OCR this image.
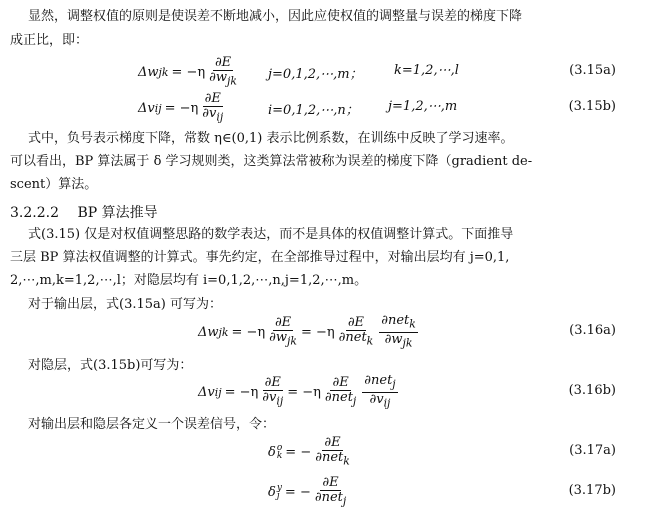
显然，调整权值的原则是使误差不断地减小，因此应使权值的调整量与误差的梯度下降
成正比，即：
Δw jk = $-\eta \frac{\partial E}{\partial w_{jk}}$ j=0,1,2,⋯,m； k=1,2,⋯,l	(3.15a)
Δv ij = $-\eta \frac{\partial E}{\partial v_{ij}}$	i=0,1,2,⋯,n； j=1,2,⋯,m	(3.15b)
式中，负号表示梯度下降，常数 η∈(0,1) 表示比例系数，在训练中反映了学习速率。
可以看出，BP 算法属于 δ 学习规则类，这类算法常被称为误差的梯度下降（gradient de-
scent）算法。
3.2.2.2 BP 算法推导
式(3.15) 仅是对权值调整思路的数学表达，而不是具体的权值调整计算式。下面推导
三层 BP 算法权值调整的计算式。事先约定，在全部推导过程中，对输出层均有 j=0,1,
2,⋯,m,k=1,2,⋯,l；对隐层均有 i=0,1,2,⋯,n,j=1,2,⋯,m。
对于输出层，式(3.15a) 可写为：
Δw jk = $-\eta \frac{\partial E}{\partial w_{jk}} = -\eta \frac{\partial E}{\partial net_k} \frac{\partial net_k}{\partial w_{jk}}$	(3.16a)
对隐层，式(3.15b)可写为：
Δv ij = $-\eta \frac{\partial E}{\partial v_{ij}} = -\eta \frac{\partial E}{\partial net_j} \frac{\partial net_j}{\partial v_{ij}}$	(3.16b)
对输出层和隐层各定义一个误差信号，令：
δ o
k = − $\frac{\partial E}{\partial net_k}$	(3.17a)
δ y
j = − $\frac{\partial E}{\partial net_j}$	(3.17b)
